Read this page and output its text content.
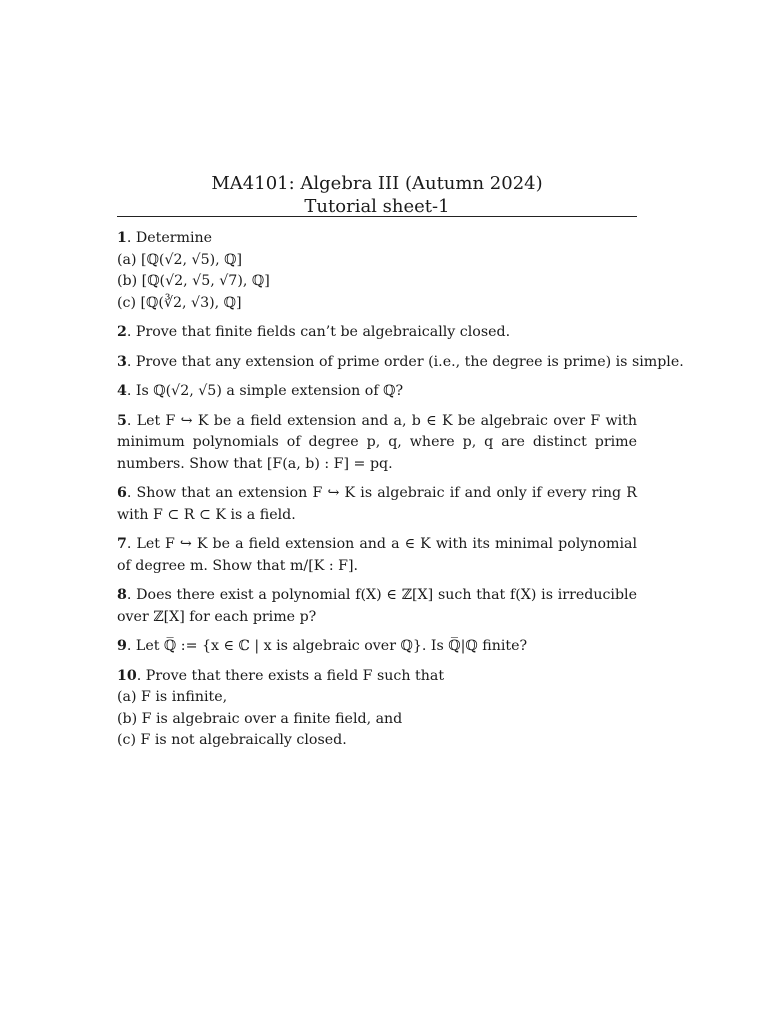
MA4101: Algebra III (Autumn 2024)
Tutorial sheet-1
1. Determine
(a) [ℚ(√2, √5), ℚ]
(b) [ℚ(√2, √5, √7), ℚ]
(c) [ℚ(∛2, √3), ℚ]
2. Prove that finite fields can’t be algebraically closed.
3. Prove that any extension of prime order (i.e., the degree is prime) is simple.
4. Is ℚ(√2, √5) a simple extension of ℚ?
5. Let F ↪ K be a field extension and a, b ∈ K be algebraic over F with minimum polynomials of degree p, q, where p, q are distinct prime numbers. Show that [F(a, b) : F] = pq.
6. Show that an extension F ↪ K is algebraic if and only if every ring R with F ⊂ R ⊂ K is a field.
7. Let F ↪ K be a field extension and a ∈ K with its minimal polynomial of degree m. Show that m/[K : F].
8. Does there exist a polynomial f(X) ∈ ℤ[X] such that f(X) is irreducible over ℤ[X] for each prime p?
9. Let ℚ̅ := {x ∈ ℂ | x is algebraic over ℚ}. Is ℚ̅|ℚ finite?
10. Prove that there exists a field F such that
(a) F is infinite,
(b) F is algebraic over a finite field, and
(c) F is not algebraically closed.
